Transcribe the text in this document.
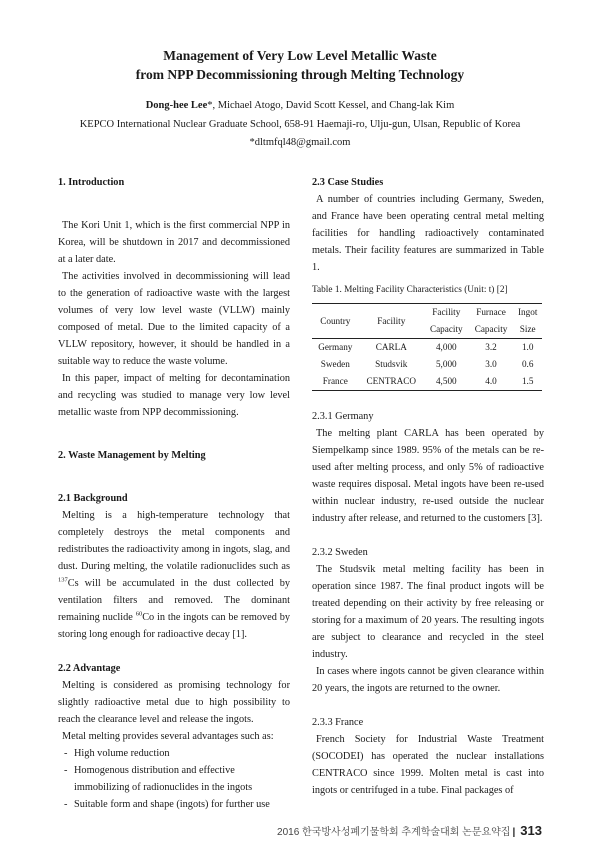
Management of Very Low Level Metallic Waste
from NPP Decommissioning through Melting Technology
Dong-hee Lee*, Michael Atogo, David Scott Kessel, and Chang-lak Kim
KEPCO International Nuclear Graduate School, 658-91 Haemaji-ro, Ulju-gun, Ulsan, Republic of Korea
*dltmfql48@gmail.com

1. Introduction

The Kori Unit 1, which is the first commercial NPP in Korea, will be shutdown in 2017 and decommissioned at a later date.

The activities involved in decommissioning will lead to the generation of radioactive waste with the largest volumes of very low level waste (VLLW) mainly composed of metal. Due to the limited capacity of a VLLW repository, however, it should be handled in a suitable way to reduce the waste volume.

In this paper, impact of melting for decontamination and recycling was studied to manage very low level metallic waste from NPP decommissioning.

2. Waste Management by Melting

2.1 Background

Melting is a high-temperature technology that completely destroys the metal components and redistributes the radioactivity among in ingots, slag, and dust. During melting, the volatile radionuclides such as $^{137}$Cs will be accumulated in the dust collected by ventilation filters and removed. The dominant remaining nuclide $^{60}$Co in the ingots can be removed by storing long enough for radioactive decay [1].

2.2 Advantage

Melting is considered as promising technology for slightly radioactive metal due to high possibility to reach the clearance level and release the ingots.

Metal melting provides several advantages such as:

- High volume reduction
- Homogenous distribution and effective immobilizing of radionuclides in the ingots
- Suitable form and shape (ingots) for further use

2.3 Case Studies

A number of countries including Germany, Sweden, and France have been operating central metal melting facilities for handling radioactively contaminated metals. Their facility features are summarized in Table 1.

Table 1. Melting Facility Characteristics (Unit: t) [2]
Country	Facility	Facility	Furnace	Ingot
		Capacity	Capacity	Size
Germany	CARLA	4,000	3.2	1.0
Sweden	Studsvik	5,000	3.0	0.6
France	CENTRACO	4,500	4.0	1.5

2.3.1 Germany

The melting plant CARLA has been operated by Siempelkamp since 1989. 95% of the metals can be re-used after melting process, and only 5% of radioactive waste requires disposal. Metal ingots have been re-used within nuclear industry, re-used outside the nuclear industry after release, and returned to the customers [3].

2.3.2 Sweden

The Studsvik metal melting facility has been in operation since 1987. The final product ingots will be treated depending on their activity by free releasing or storing for a maximum of 20 years. The resulting ingots are subject to clearance and recycled in the steel industry.

In cases where ingots cannot be given clearance within 20 years, the ingots are returned to the owner.

2.3.3 France

French Society for Industrial Waste Treatment (SOCODEI) has operated the nuclear installations CENTRACO since 1999. Molten metal is cast into ingots or centrifuged in a tube. Final packages of

2016 한국방사성폐기물학회 추계학술대회 논문요약집 | 313
